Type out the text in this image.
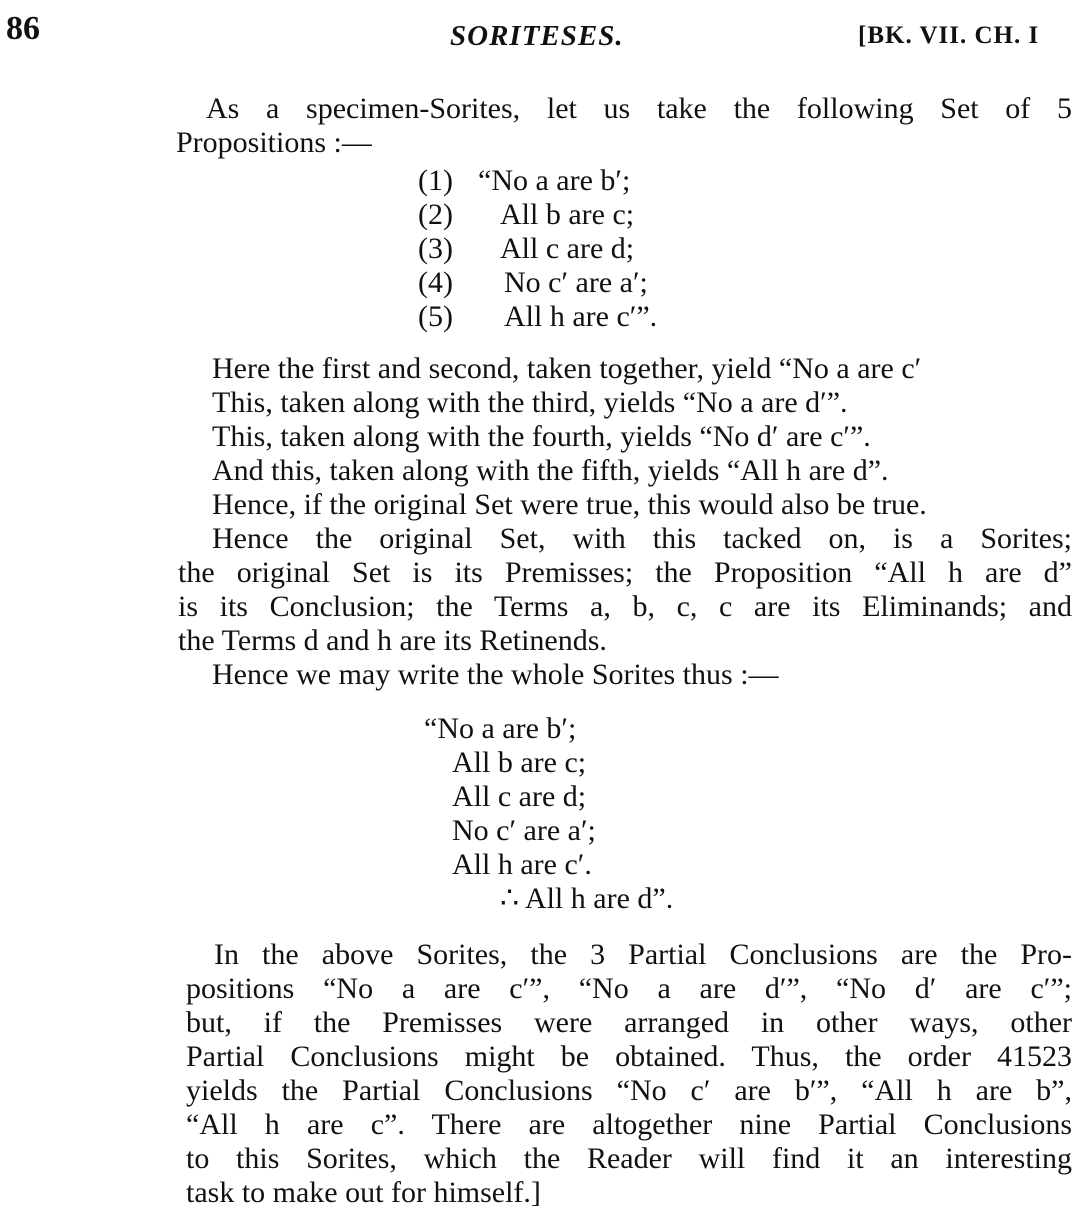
86	SORITESES.	[BK. VII. CH. I
As a specimen-Sorites, let us take the following Set of 5
Propositions :—
(1) “No a are b′;
(2) All b are c;
(3) All c are d;
(4) No c′ are a′;
(5) All h are c′”.
Here the first and second, taken together, yield “No a are c′
This, taken along with the third, yields “No a are d′”.
This, taken along with the fourth, yields “No d′ are c′”.
And this, taken along with the fifth, yields “All h are d”.
Hence, if the original Set were true, this would also be true.
Hence the original Set, with this tacked on, is a Sorites;
the original Set is its Premisses; the Proposition “All h are d”
is its Conclusion; the Terms a, b, c, c are its Eliminands; and
the Terms d and h are its Retinends.
Hence we may write the whole Sorites thus :—
“No a are b′;
All b are c;
All c are d;
No c′ are a′;
All h are c′.
∴ All h are d”.
In the above Sorites, the 3 Partial Conclusions are the Pro-
positions “No a are c′”, “No a are d′”, “No d′ are c′”;
but, if the Premisses were arranged in other ways, other
Partial Conclusions might be obtained. Thus, the order 41523
yields the Partial Conclusions “No c′ are b′”, “All h are b”,
“All h are c”. There are altogether nine Partial Conclusions
to this Sorites, which the Reader will find it an interesting
task to make out for himself.]
